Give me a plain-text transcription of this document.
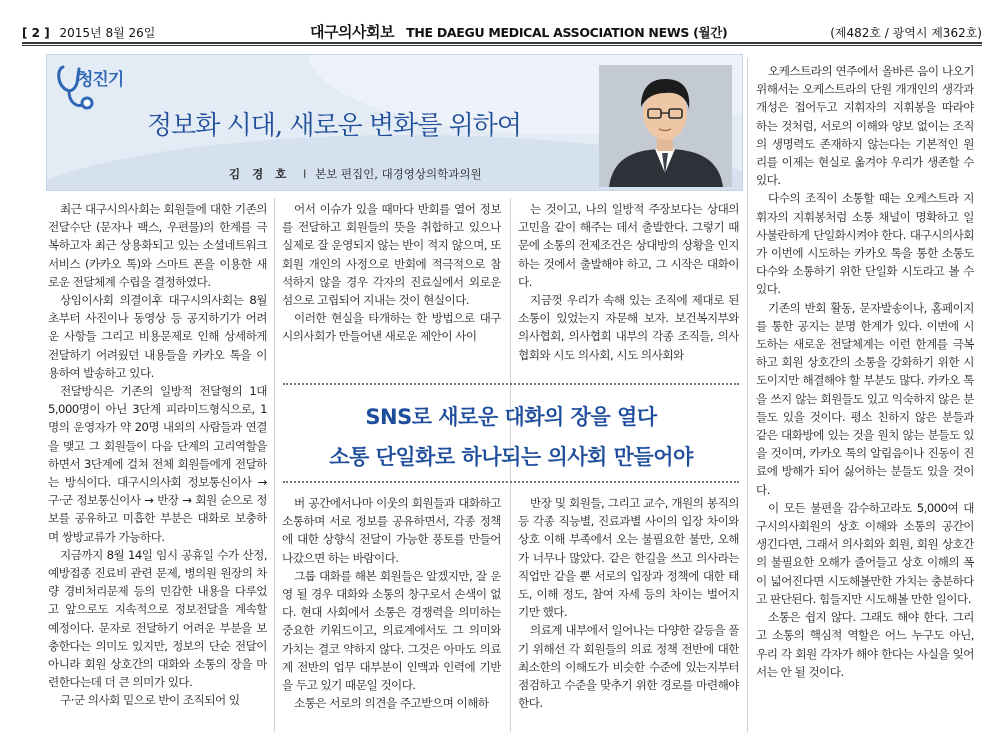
[ 2 ] 2015년 8월 26일	대구의사회보 THE DAEGU MEDICAL ASSOCIATION NEWS (월간)	(제482호 / 광역시 제362호)
청진기
정보화 시대, 새로운 변화를 위하여
김 경 호 I 본보 편집인, 대경영상의학과의원

최근 대구시의사회는 회원들에 대한 기존의 전달수단 (문자나 팩스, 우편물)의 한계를 극복하고자 최근 상용화되고 있는 소셜네트워크 서비스 (카카오 톡)와 스마트 폰을 이용한 새로운 전달체계 수립을 결정하였다.

상임이사회 의결이후 대구시의사회는 8월초부터 사진이나 동영상 등 공지하기가 어려운 사항들 그리고 비용문제로 인해 상세하게 전달하기 어려웠던 내용들을 카카오 톡을 이용하여 발송하고 있다.

전달방식은 기존의 일방적 전달형의 1대 5,000명이 아닌 3단계 피라미드형식으로, 1명의 운영자가 약 20명 내외의 사람들과 연결을 맺고 그 회원들이 다음 단계의 고리역할을 하면서 3단계에 걸쳐 전체 회원들에게 전달하는 방식이다. 대구시의사회 정보통신이사 → 구·군 정보통신이사 → 반장 → 회원 순으로 정보를 공유하고 미흡한 부분은 대화로 보충하며 쌍방교류가 가능하다.

지금까지 8월 14일 임시 공휴일 수가 산정, 예방접종 진료비 관련 문제, 병의원 원장의 차량 경비처리문제 등의 민감한 내용을 다루었고 앞으로도 지속적으로 정보전달을 계속할 예정이다. 문자로 전달하기 어려운 부분을 보충한다는 의미도 있지만, 정보의 단순 전달이 아니라 회원 상호간의 대화와 소통의 장을 마련한다는데 더 큰 의미가 있다.

구·군 의사회 밑으로 반이 조직되어 있

어서 이슈가 있을 때마다 반회를 열어 정보를 전달하고 회원들의 뜻을 취합하고 있으나 실제로 잘 운영되지 않는 반이 적지 않으며, 또 회원 개인의 사정으로 반회에 적극적으로 참석하지 않을 경우 각자의 진료실에서 외로운 섬으로 고립되어 지내는 것이 현실이다.

이러한 현실을 타개하는 한 방법으로 대구시의사회가 만들어낸 새로운 제안이 사이

는 것이고, 나의 일방적 주장보다는 상대의 고민을 같이 해주는 데서 출발한다. 그렇기 때문에 소통의 전제조건은 상대방의 상황을 인지하는 것에서 출발해야 하고, 그 시작은 대화이다.

지금껏 우리가 속해 있는 조직에 제대로 된 소통이 있었는지 자문해 보자. 보건복지부와 의사협회, 의사협회 내부의 각종 조직들, 의사협회와 시도 의사회, 시도 의사회와

SNS로 새로운 대화의 장을 열다
소통 단일화로 하나되는 의사회 만들어야

버 공간에서나마 이웃의 회원들과 대화하고 소통하며 서로 정보를 공유하면서, 각종 정책에 대한 상향식 전달이 가능한 풍토를 만들어 나갔으면 하는 바람이다.

그룹 대화를 해본 회원들은 알겠지만, 잘 운영 될 경우 대화와 소통의 창구로서 손색이 없다. 현대 사회에서 소통은 경쟁력을 의미하는 중요한 키워드이고, 의료계에서도 그 의미와 가치는 결코 약하지 않다. 그것은 아마도 의료계 전반의 업무 대부분이 인맥과 인력에 기반을 두고 있기 때문일 것이다.

소통은 서로의 의견을 주고받으며 이해하

반장 및 회원들, 그리고 교수, 개원의 봉직의 등 각종 직능별, 진료과별 사이의 입장 차이와 상호 이해 부족에서 오는 불필요한 불만, 오해가 너무나 많았다. 같은 한길을 쓰고 의사라는 직업만 같을 뿐 서로의 입장과 정책에 대한 태도, 이해 정도, 참여 자세 등의 차이는 벌어지기만 했다.

의료계 내부에서 일어나는 다양한 갈등을 풀기 위해선 각 회원들의 의료 정책 전반에 대한 최소한의 이해도가 비슷한 수준에 있는지부터 점검하고 수준을 맞추기 위한 경로를 마련해야 한다.

오케스트라의 연주에서 올바른 음이 나오기 위해서는 오케스트라의 단원 개개인의 생각과 개성은 접어두고 지휘자의 지휘봉을 따라야 하는 것처럼, 서로의 이해와 양보 없이는 조직의 생명력도 존재하지 않는다는 기본적인 원리를 이제는 현실로 옮겨야 우리가 생존할 수 있다.

다수의 조직이 소통할 때는 오케스트라 지휘자의 지휘봉처럼 소통 채널이 명확하고 일사불란하게 단일화시켜야 한다. 대구시의사회가 이번에 시도하는 카카오 톡을 통한 소통도 다수와 소통하기 위한 단일화 시도라고 볼 수 있다.

기존의 반회 활동, 문자발송이나, 홈페이지를 통한 공지는 분명 한계가 있다. 이번에 시도하는 새로운 전달체계는 이런 한계를 극복하고 회원 상호간의 소통을 강화하기 위한 시도이지만 해결해야 할 부분도 많다. 카카오 톡을 쓰지 않는 회원들도 있고 익숙하지 않은 분들도 있을 것이다. 평소 친하지 않은 분들과 같은 대화방에 있는 것을 원치 않는 분들도 있을 것이며, 카카오 톡의 알림음이나 진동이 진료에 방해가 되어 싫어하는 분들도 있을 것이다.

이 모든 불편을 감수하고라도 5,000여 대구시의사회원의 상호 이해와 소통의 공간이 생긴다면, 그래서 의사회와 회원, 회원 상호간의 불필요한 오해가 줄어들고 상호 이해의 폭이 넓어진다면 시도해볼만한 가치는 충분하다고 판단된다. 힘들지만 시도해볼 만한 일이다.

소통은 쉽지 않다. 그래도 해야 한다. 그리고 소통의 핵심적 역할은 어느 누구도 아닌, 우리 각 회원 각자가 해야 한다는 사실을 잊어서는 안 될 것이다.
